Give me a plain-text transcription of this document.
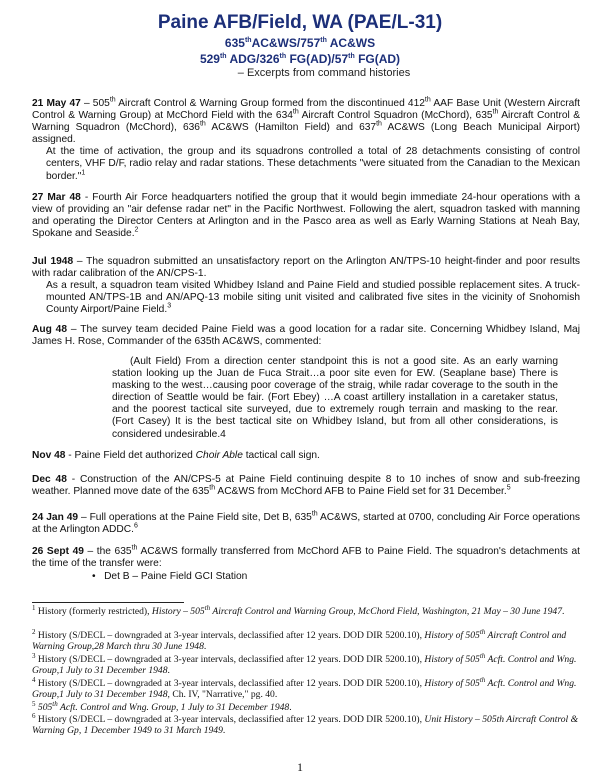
Paine AFB/Field, WA (PAE/L-31)
635thAC&WS/757th AC&WS
529th ADG/326th FG(AD)/57th FG(AD)
– Excerpts from command histories

21 May 47 – 505th Aircraft Control & Warning Group formed from the discontinued 412th AAF Base Unit (Western Aircraft Control & Warning Group) at McChord Field with the 634th Aircraft Control Squadron (McChord), 635th Aircraft Control & Warning Squadron (McChord), 636th AC&WS (Hamilton Field) and 637th AC&WS (Long Beach Municipal Airport) assigned.

At the time of activation, the group and its squadrons controlled a total of 28 detachments consisting of control centers, VHF D/F, radio relay and radar stations. These detachments "were situated from the Canadian to the Mexican border."$^1$

27 Mar 48 - Fourth Air Force headquarters notified the group that it would begin immediate 24-hour operations with a view of providing an "air defense radar net" in the Pacific Northwest. Following the alert, squadron tasked with manning and operating the Director Centers at Arlington and in the Pasco area as well as Early Warning Stations at Neah Bay, Spokane and Seaside.$^2$

Jul 1948 – The squadron submitted an unsatisfactory report on the Arlington AN/TPS-10 height-finder and poor results with radar calibration of the AN/CPS-1.

As a result, a squadron team visited Whidbey Island and Paine Field and studied possible replacement sites. A truck-mounted AN/TPS-1B and AN/APQ-13 mobile siting unit visited and calibrated five sites in the vicinity of Snohomish County Airport/Paine Field.$^3$

Aug 48 – The survey team decided Paine Field was a good location for a radar site. Concerning Whidbey Island, Maj James H. Rose, Commander of the 635th AC&WS, commented:

(Ault Field) From a direction center standpoint this is not a good site. As an early warning station looking up the Juan de Fuca Strait…a poor site even for EW. (Seaplane base) There is masking to the west…causing poor coverage of the straig, while radar coverage to the south in the direction of Seattle would be fair. (Fort Ebey) …A coast artillery installation in a caretaker status, and the poorest tactical site surveyed, due to extremely rough terrain and masking to the rear. (Fort Casey) It is the best tactical site on Whidbey Island, but from all other considerations, is considered undesirable.4

Nov 48 - Paine Field det authorized Choir Able tactical call sign.

Dec 48 - Construction of the AN/CPS-5 at Paine Field continuing despite 8 to 10 inches of snow and sub-freezing weather. Planned move date of the 635th AC&WS from McChord AFB to Paine Field set for 31 December.$^5$

24 Jan 49 – Full operations at the Paine Field site, Det B, 635th AC&WS, started at 0700, concluding Air Force operations at the Arlington ADDC.$^6$

26 Sept 49 – the 635th AC&WS formally transferred from McChord AFB to Paine Field. The squadron's detachments at the time of the transfer were:

• Det B – Paine Field GCI Station
$^1$ History (formerly restricted), History – 505th Aircraft Control and Warning Group, McChord Field, Washington, 21 May – 30 June 1947.
$^2$ History (S/DECL – downgraded at 3-year intervals, declassified after 12 years. DOD DIR 5200.10), History of 505th Aircraft Control and Warning Group,28 March thru 30 June 1948.
$^3$ History (S/DECL – downgraded at 3-year intervals, declassified after 12 years. DOD DIR 5200.10), History of 505th Acft. Control and Wng. Group,1 July to 31 December 1948.
$^4$ History (S/DECL – downgraded at 3-year intervals, declassified after 12 years. DOD DIR 5200.10), History of 505th Acft. Control and Wng. Group,1 July to 31 December 1948, Ch. IV, "Narrative," pg. 40.
$^5$ 505th Acft. Control and Wng. Group, 1 July to 31 December 1948.
$^6$ History (S/DECL – downgraded at 3-year intervals, declassified after 12 years. DOD DIR 5200.10), Unit History – 505th Aircraft Control & Warning Gp, 1 December 1949 to 31 March 1949.
1
